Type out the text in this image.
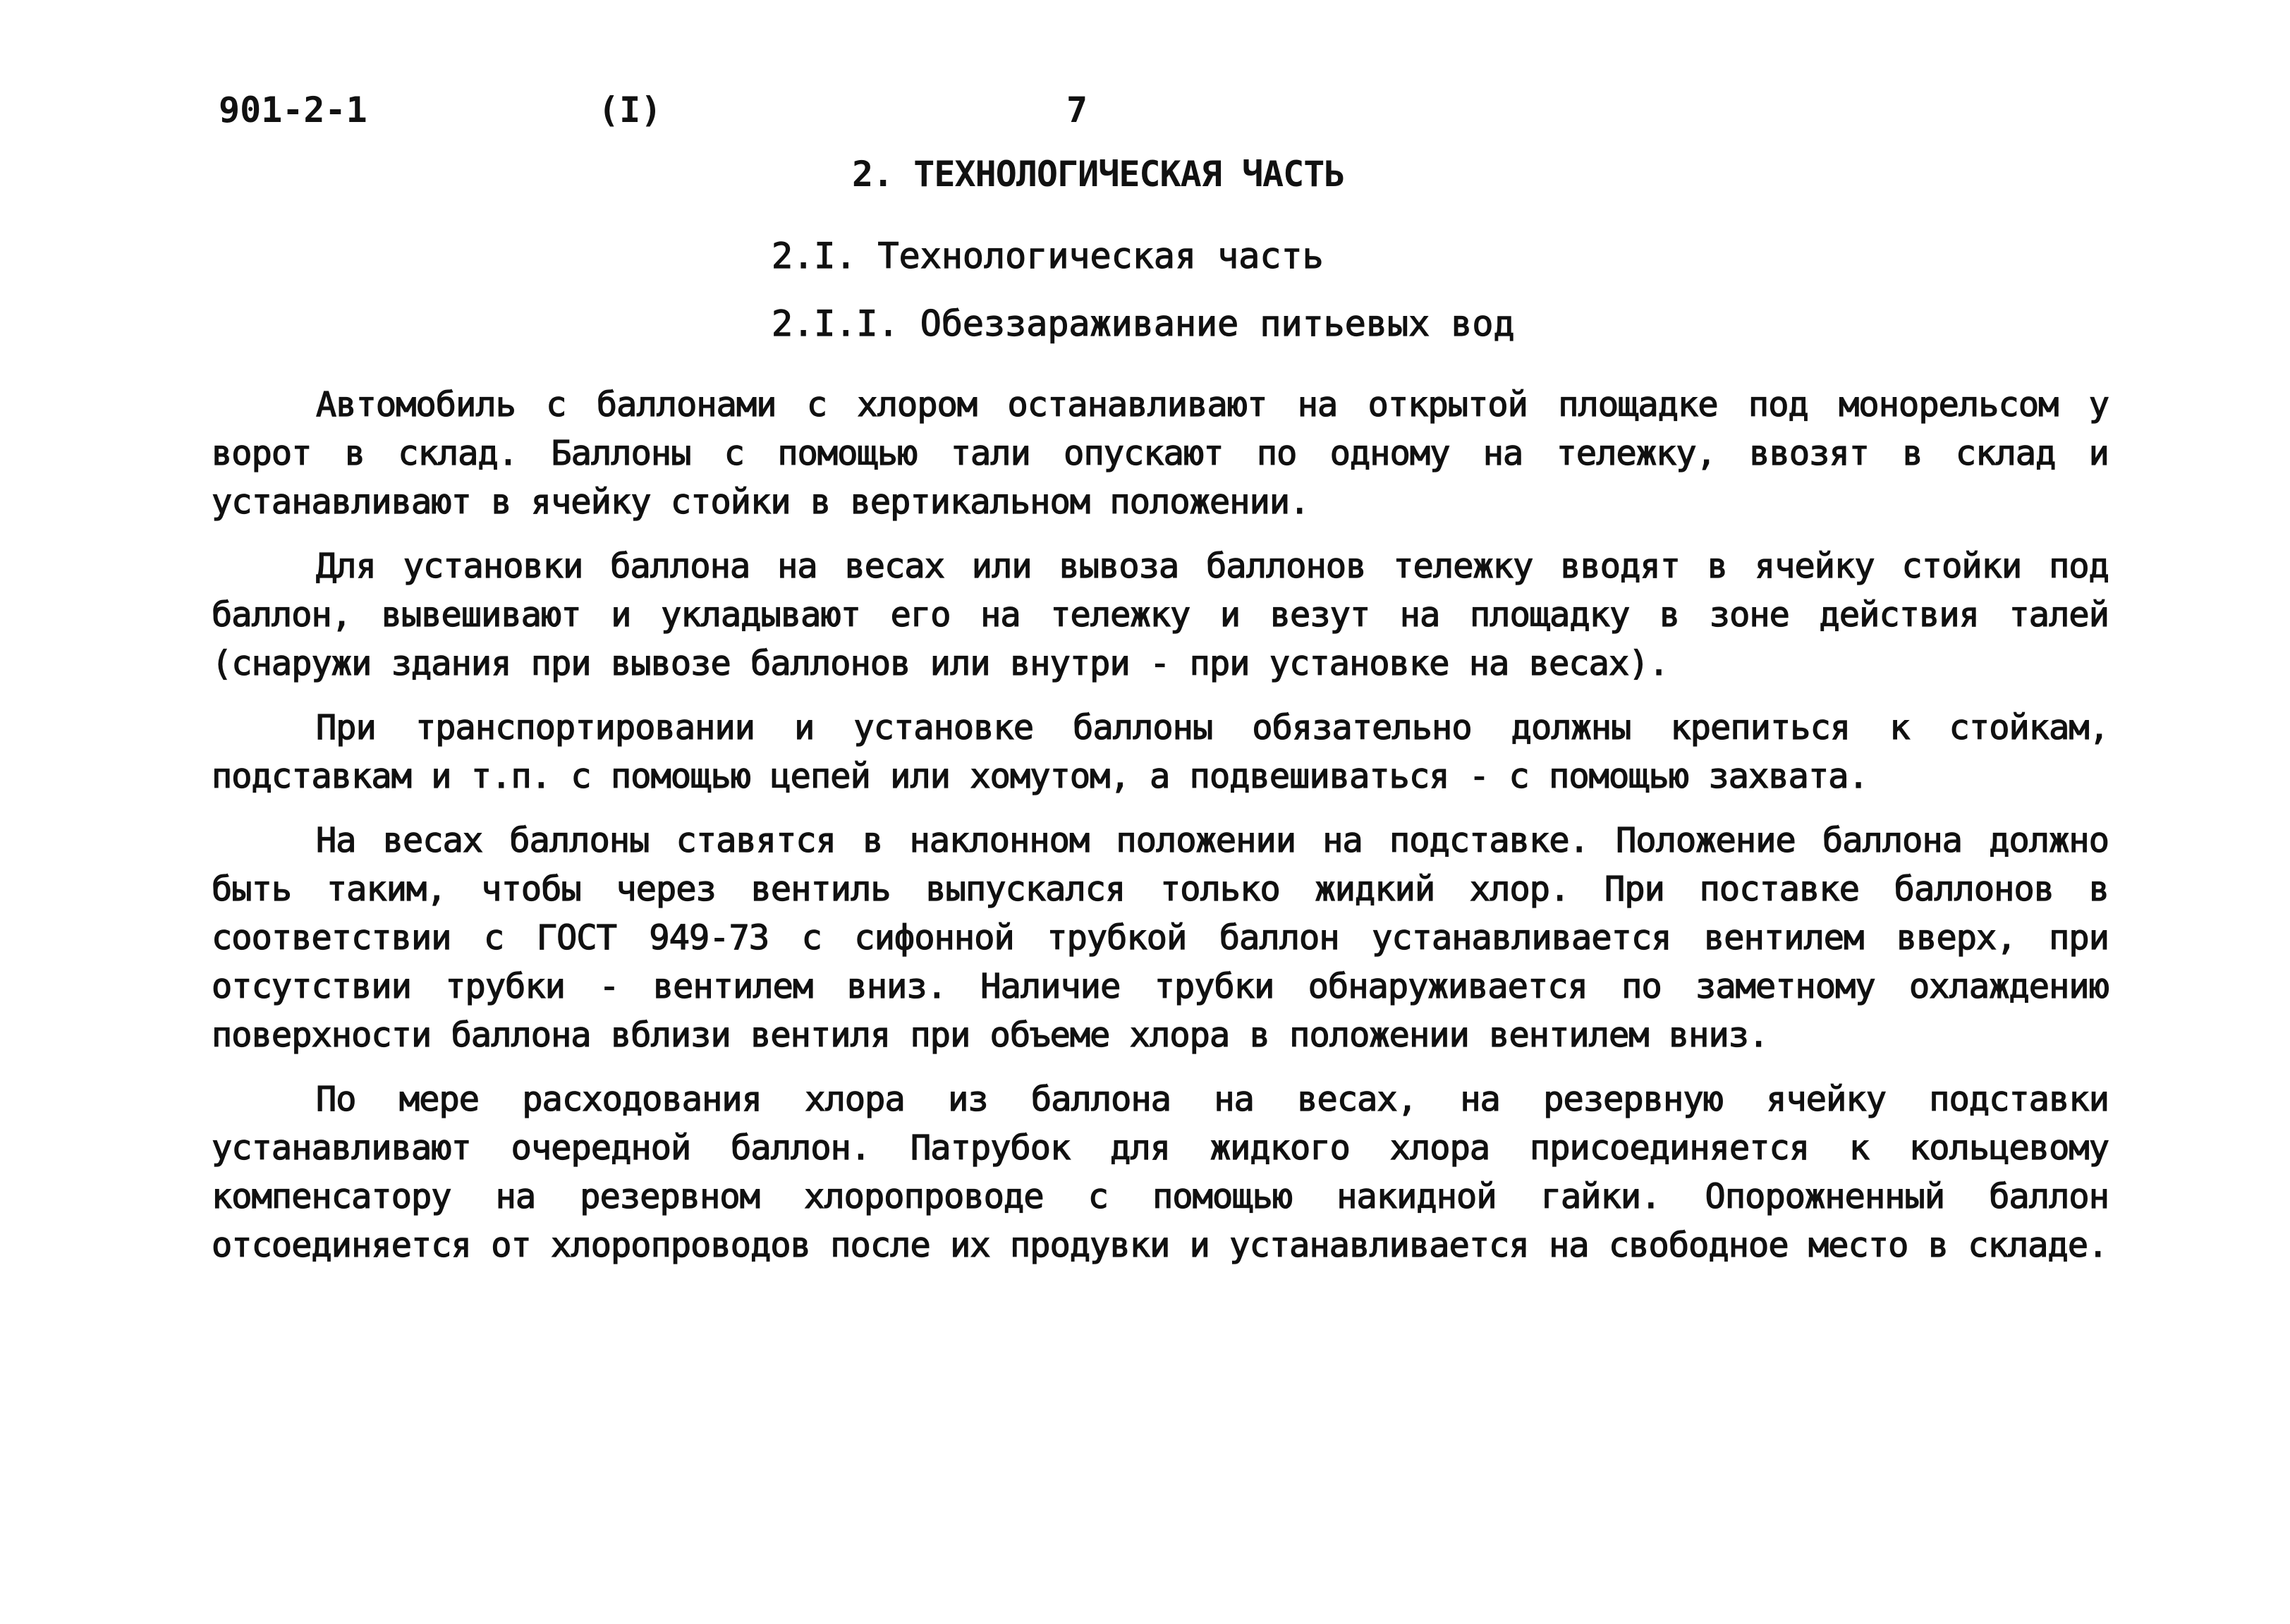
901-2-1	(I)	7
2. ТЕХНОЛОГИЧЕСКАЯ ЧАСТЬ
2.I. Технологическая часть
2.I.I. Обеззараживание питьевых вод

Автомобиль с баллонами с хлором останавливают на открытой площадке под монорельсом у ворот в склад. Баллоны с помощью тали опускают по одному на тележку, ввозят в склад и устанавливают в ячейку стойки в вертикальном положении.

Для установки баллона на весах или вывоза баллонов тележку вводят в ячейку стойки под баллон, вывешивают и укладывают его на тележку и везут на площадку в зоне действия талей (снаружи здания при вывозе баллонов или внутри - при установке на весах).

При транспортировании и установке баллоны обязательно должны крепиться к стойкам, подставкам и т.п. с помощью цепей или хомутом, а подвешиваться - с помощью захвата.

На весах баллоны ставятся в наклонном положении на подставке. Положение баллона должно быть таким, чтобы через вентиль выпускался только жидкий хлор. При поставке баллонов в соответствии с ГОСТ 949-73 с сифонной трубкой баллон устанавливается вентилем вверх, при отсутствии трубки - вентилем вниз. Наличие трубки обнаруживается по заметному охлаждению поверхности баллона вблизи вентиля при объеме хлора в положении вентилем вниз.

По мере расходования хлора из баллона на весах, на резервную ячейку подставки устанавливают очередной баллон. Патрубок для жидкого хлора присоединяется к кольцевому компенсатору на резервном хлоропроводе с помощью накидной гайки. Опорожненный баллон отсоединяется от хлоропроводов после их продувки и устанавливается на свободное место в складе.
